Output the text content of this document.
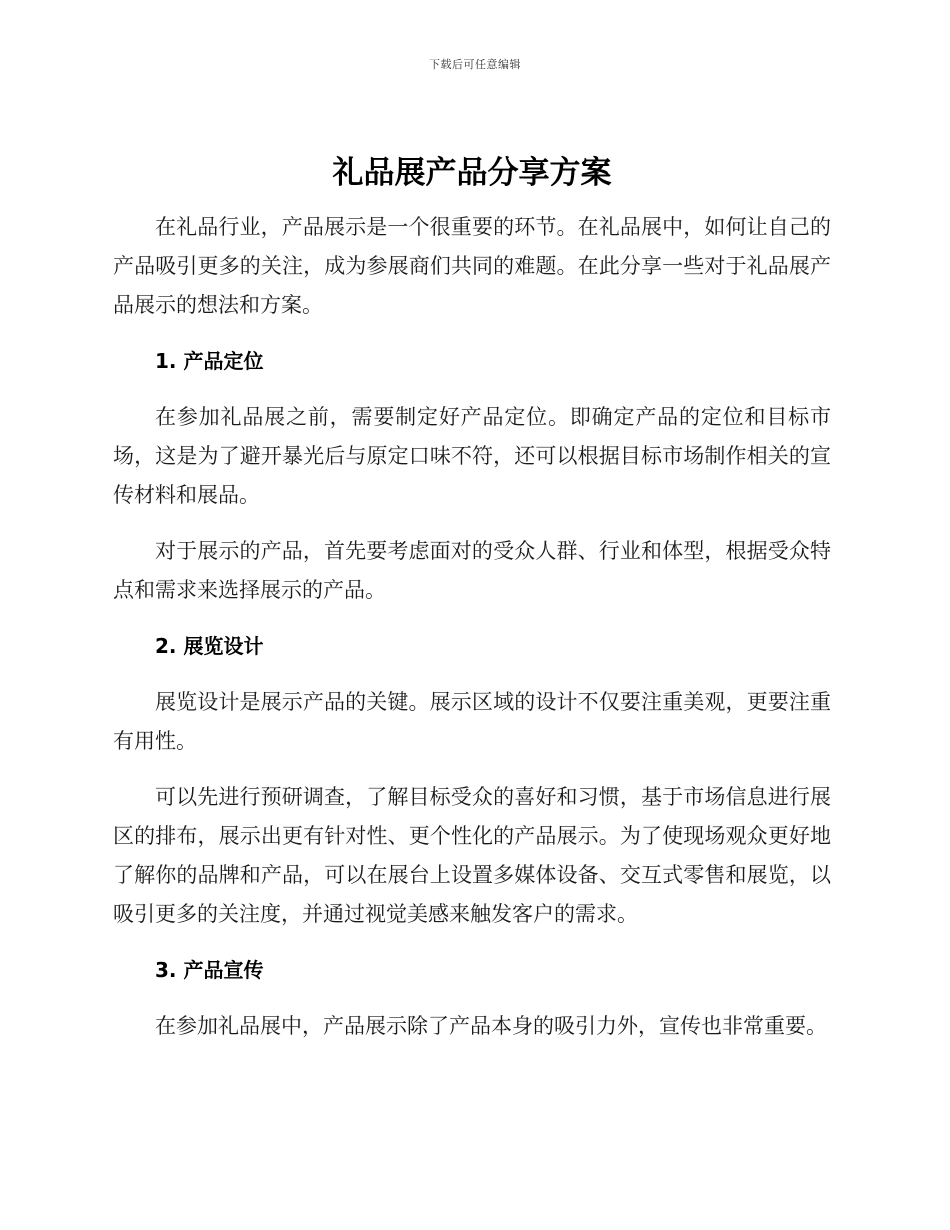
下载后可任意编辑
礼品展产品分享方案

在礼品行业，产品展示是一个很重要的环节。在礼品展中，如何让自己的产品吸引更多的关注，成为参展商们共同的难题。在此分享一些对于礼品展产品展示的想法和方案。

1. 产品定位

在参加礼品展之前，需要制定好产品定位。即确定产品的定位和目标市场，这是为了避开暴光后与原定口味不符，还可以根据目标市场制作相关的宣传材料和展品。

对于展示的产品，首先要考虑面对的受众人群、行业和体型，根据受众特点和需求来选择展示的产品。

2. 展览设计

展览设计是展示产品的关键。展示区域的设计不仅要注重美观，更要注重有用性。

可以先进行预研调查，了解目标受众的喜好和习惯，基于市场信息进行展区的排布，展示出更有针对性、更个性化的产品展示。为了使现场观众更好地了解你的品牌和产品，可以在展台上设置多媒体设备、交互式零售和展览，以吸引更多的关注度，并通过视觉美感来触发客户的需求。

3. 产品宣传

在参加礼品展中，产品展示除了产品本身的吸引力外，宣传也非常重要。
